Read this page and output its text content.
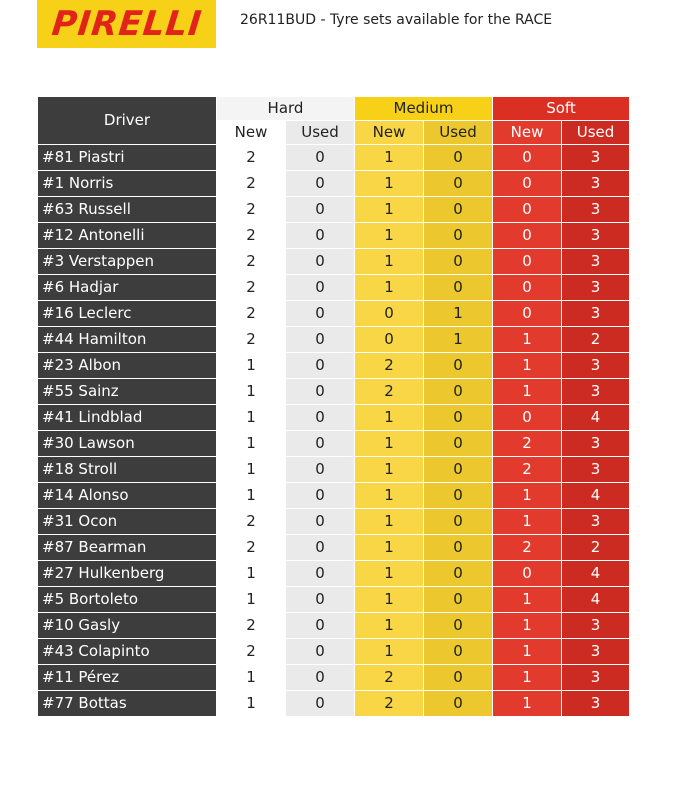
PIRELLI	26R11BUD - Tyre sets available for the RACE
Driver	Hard		Medium		Soft	
	New	Used	New	Used	New	Used
#81 Piastri	2	0	1	0	0	3
#1 Norris	2	0	1	0	0	3
#63 Russell	2	0	1	0	0	3
#12 Antonelli	2	0	1	0	0	3
#3 Verstappen	2	0	1	0	0	3
#6 Hadjar	2	0	1	0	0	3
#16 Leclerc	2	0	0	1	0	3
#44 Hamilton	2	0	0	1	1	2
#23 Albon	1	0	2	0	1	3
#55 Sainz	1	0	2	0	1	3
#41 Lindblad	1	0	1	0	0	4
#30 Lawson	1	0	1	0	2	3
#18 Stroll	1	0	1	0	2	3
#14 Alonso	1	0	1	0	1	4
#31 Ocon	2	0	1	0	1	3
#87 Bearman	2	0	1	0	2	2
#27 Hulkenberg	1	0	1	0	0	4
#5 Bortoleto	1	0	1	0	1	4
#10 Gasly	2	0	1	0	1	3
#43 Colapinto	2	0	1	0	1	3
#11 Pérez	1	0	2	0	1	3
#77 Bottas	1	0	2	0	1	3
